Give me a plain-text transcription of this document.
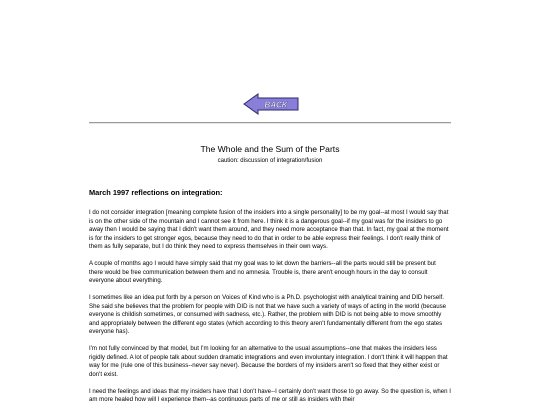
BACK
The Whole and the Sum of the Parts
caution: discussion of integration/fusion
March 1997 reflections on integration:

I do not consider integration [meaning complete fusion of the insiders into a single personality] to be my goal--at most I would say that is on the other side of the mountain and I cannot see it from here. I think it is a dangerous goal--if my goal was for the insiders to go away then I would be saying that I didn't want them around, and they need more acceptance than that. In fact, my goal at the moment is for the insiders to get stronger egos, because they need to do that in order to be able express their feelings. I don't really think of them as fully separate, but I do think they need to express themselves in their own ways.

A couple of months ago I would have simply said that my goal was to let down the barriers--all the parts would still be present but there would be free communication between them and no amnesia. Trouble is, there aren't enough hours in the day to consult everyone about everything.

I sometimes like an idea put forth by a person on Voices of Kind who is a Ph.D. psychologist with analytical training and DID herself. She said she believes that the problem for people with DID is not that we have such a variety of ways of acting in the world (because everyone is childish sometimes, or consumed with sadness, etc.). Rather, the problem with DID is not being able to move smoothly and appropriately between the different ego states (which according to this theory aren't fundamentally different from the ego states everyone has).

I'm not fully convinced by that model, but I'm looking for an alternative to the usual assumptions--one that makes the insiders less rigidly defined. A lot of people talk about sudden dramatic integrations and even involuntary integration. I don't think it will happen that way for me (rule one of this business--never say never). Because the borders of my insiders aren't so fixed that they either exist or don't exist.

I need the feelings and ideas that my insiders have that I don't have--I certainly don't want those to go away. So the question is, when I am more healed how will I experience them--as continuous parts of me or still as insiders with their
